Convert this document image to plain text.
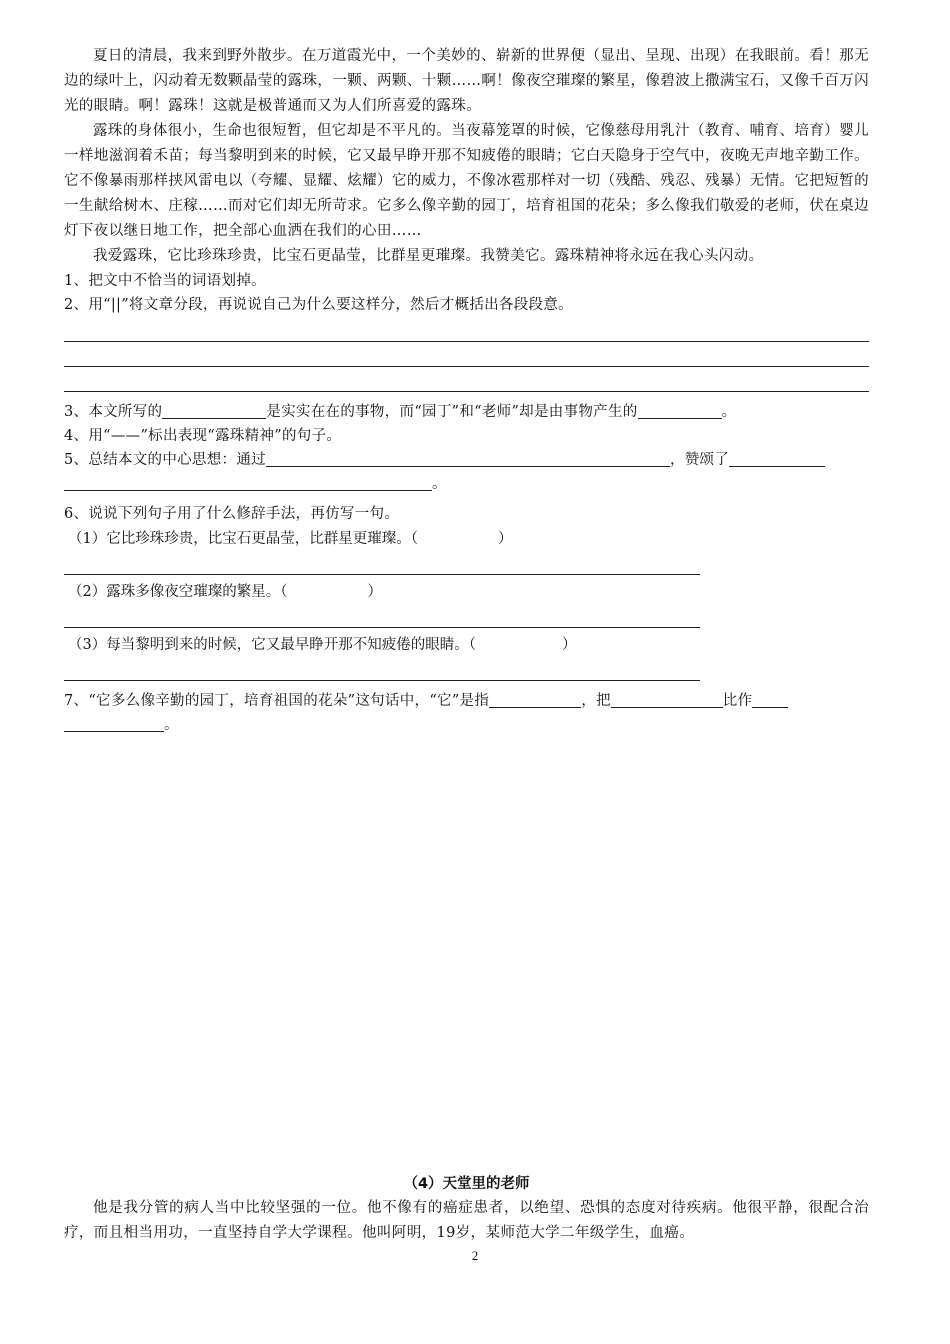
夏日的清晨，我来到野外散步。在万道霞光中，一个美妙的、崭新的世界便（显出、呈现、出现）在我眼前。看！那无边的绿叶上，闪动着无数颗晶莹的露珠，一颗、两颗、十颗……啊！像夜空璀璨的繁星，像碧波上撒满宝石，又像千百万闪光的眼睛。啊！露珠！这就是极普通而又为人们所喜爱的露珠。

露珠的身体很小，生命也很短暂，但它却是不平凡的。当夜幕笼罩的时候，它像慈母用乳汁（教育、哺育、培育）婴儿一样地滋润着禾苗；每当黎明到来的时候，它又最早睁开那不知疲倦的眼睛；它白天隐身于空气中，夜晚无声地辛勤工作。它不像暴雨那样挟风雷电以（夸耀、显耀、炫耀）它的威力，不像冰雹那样对一切（残酷、残忍、残暴）无情。它把短暂的一生献给树木、庄稼……而对它们却无所苛求。它多么像辛勤的园丁，培育祖国的花朵；多么像我们敬爱的老师，伏在桌边灯下夜以继日地工作，把全部心血洒在我们的心田……

我爱露珠，它比珍珠珍贵，比宝石更晶莹，比群星更璀璨。我赞美它。露珠精神将永远在我心头闪动。

1、把文中不恰当的词语划掉。

2、用“||”将文章分段，再说说自己为什么要这样分，然后才概括出各段段意。

3、本文所写的	是实实在在的事物，而“园丁”和“老师”却是由事物产生的	。

4、用“——”标出表现“露珠精神”的句子。

5、总结本文的中心思想：通过	，赞颂了

。

6、说说下列句子用了什么修辞手法，再仿写一句。

（1）它比珍珠珍贵，比宝石更晶莹，比群星更璀璨。（	）

（2）露珠多像夜空璀璨的繁星。（	）

（3）每当黎明到来的时候，它又最早睁开那不知疲倦的眼睛。（	）

7、“它多么像辛勤的园丁，培育祖国的花朵”这句话中，“它”是指	，把	比作

。

（4）天堂里的老师

他是我分管的病人当中比较坚强的一位。他不像有的癌症患者，以绝望、恐惧的态度对待疾病。他很平静，很配合治疗，而且相当用功，一直坚持自学大学课程。他叫阿明，19岁，某师范大学二年级学生，血癌。

2
